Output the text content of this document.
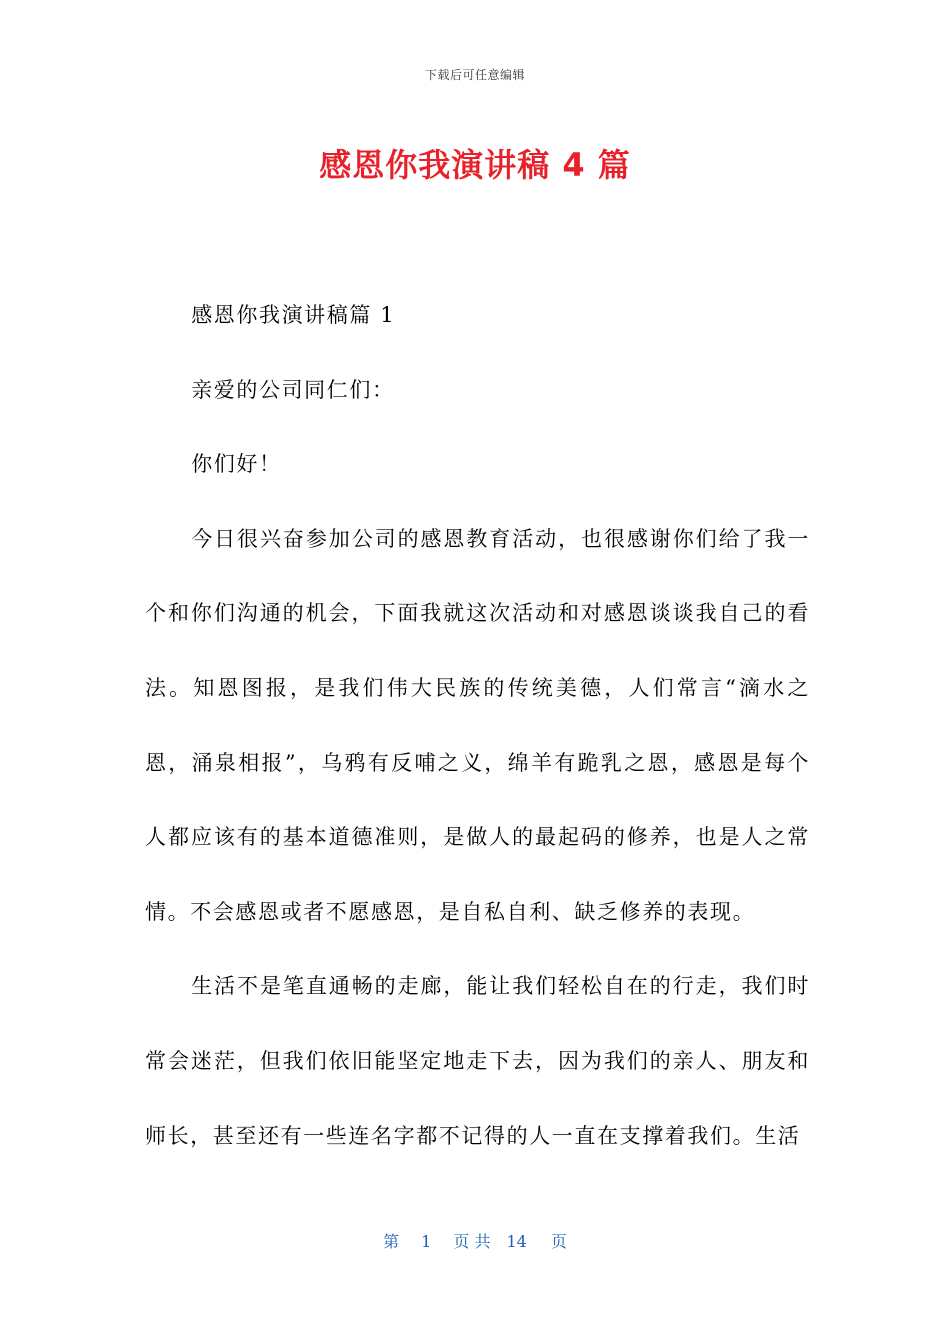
下载后可任意编辑
感恩你我演讲稿 4 篇

感恩你我演讲稿篇 1

亲爱的公司同仁们：

你们好！

今日很兴奋参加公司的感恩教育活动，也很感谢你们给了我一个和你们沟通的机会，下面我就这次活动和对感恩谈谈我自己的看法。知恩图报，是我们伟大民族的传统美德，人们常言“滴水之恩，涌泉相报”，乌鸦有反哺之义，绵羊有跪乳之恩，感恩是每个人都应该有的基本道德准则，是做人的最起码的修养，也是人之常情。不会感恩或者不愿感恩，是自私自利、缺乏修养的表现。

生活不是笔直通畅的走廊，能让我们轻松自在的行走，我们时常会迷茫，但我们依旧能坚定地走下去，因为我们的亲人、朋友和师长，甚至还有一些连名字都不记得的人一直在支撑着我们。生活

第 1 页 共 14 页
